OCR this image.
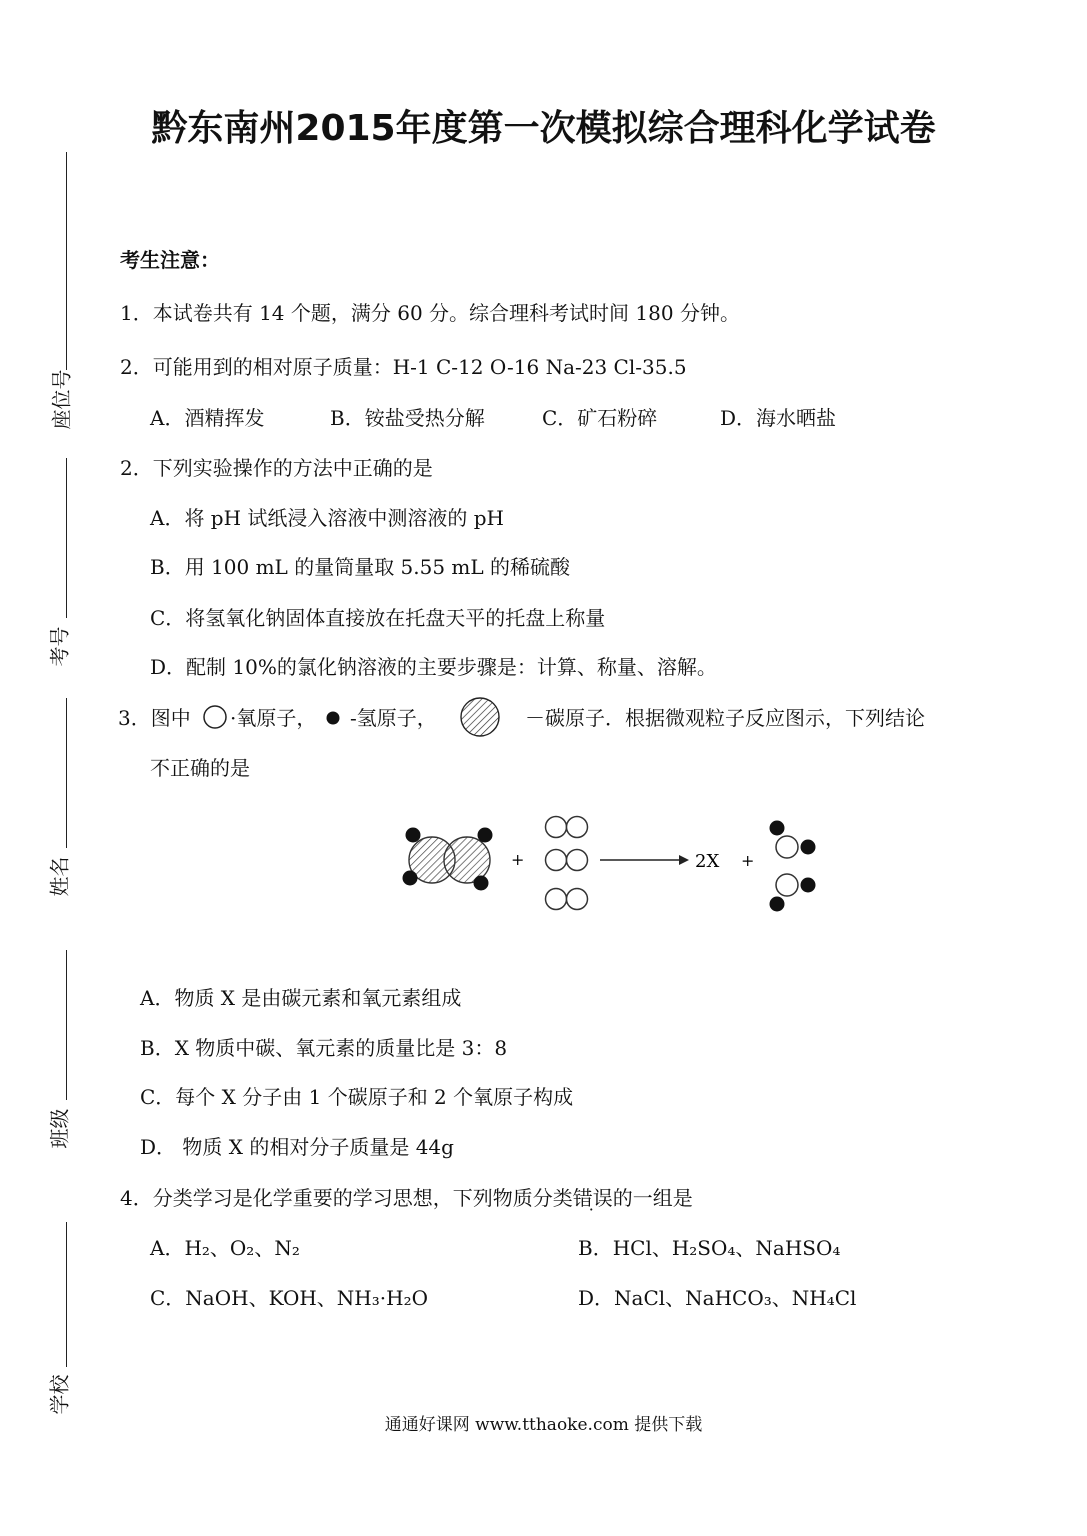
黔东南州2015年度第一次模拟综合理科化学试卷
座位号
考号
姓名
班级
学校
考生注意：
1．本试卷共有 14 个题，满分 60 分。综合理科考试时间 180 分钟。
2．可能用到的相对原子质量：H-1 C-12 O-16 Na-23 Cl-35.5
A．酒精挥发	B．铵盐受热分解	C．矿石粉碎	D．海水晒盐
2．下列实验操作的方法中正确的是
A．将 pH 试纸浸入溶液中测溶液的 pH
B．用 100 mL 的量筒量取 5.55 mL 的稀硫酸
C．将氢氧化钠固体直接放在托盘天平的托盘上称量
D．配制 10%的氯化钠溶液的主要步骤是：计算、称量、溶解。
3．图中 ·氧原子， -氢原子，	－碳原子．根据微观粒子反应图示，下列结论
不正确的是
+	2X +
A．物质 X 是由碳元素和氧元素组成
B．X 物质中碳、氧元素的质量比是 3：8
C．每个 X 分子由 1 个碳原子和 2 个氧原子构成
D． 物质 X 的相对分子质量是 44g
4．分类学习是化学重要的学习思想，下列物质分类错误的一组是
A．H₂、O₂、N₂	B．HCl、H₂SO₄、NaHSO₄
C．NaOH、KOH、NH₃·H₂O	D．NaCl、NaHCO₃、NH₄Cl
通通好课网 www.tthaoke.com 提供下载
